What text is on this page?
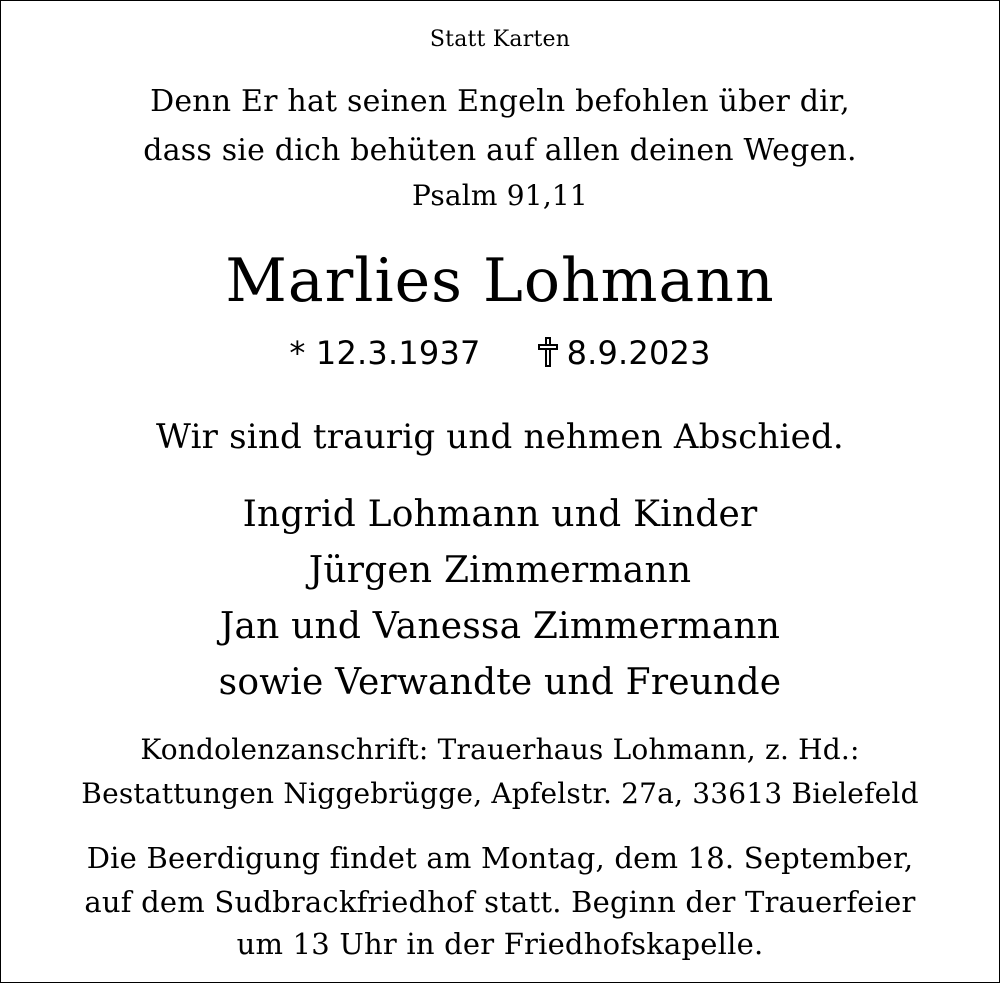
Statt Karten

Denn Er hat seinen Engeln befohlen über dir,

dass sie dich behüten auf allen deinen Wegen.

Psalm 91,11

Marlies Lohmann

* 12.3.1937	8.9.2023

Wir sind traurig und nehmen Abschied.

Ingrid Lohmann und Kinder

Jürgen Zimmermann

Jan und Vanessa Zimmermann

sowie Verwandte und Freunde

Kondolenzanschrift: Trauerhaus Lohmann, z. Hd.:

Bestattungen Niggebrügge, Apfelstr. 27a, 33613 Bielefeld

Die Beerdigung findet am Montag, dem 18. September,

auf dem Sudbrackfriedhof statt. Beginn der Trauerfeier

um 13 Uhr in der Friedhofskapelle.
